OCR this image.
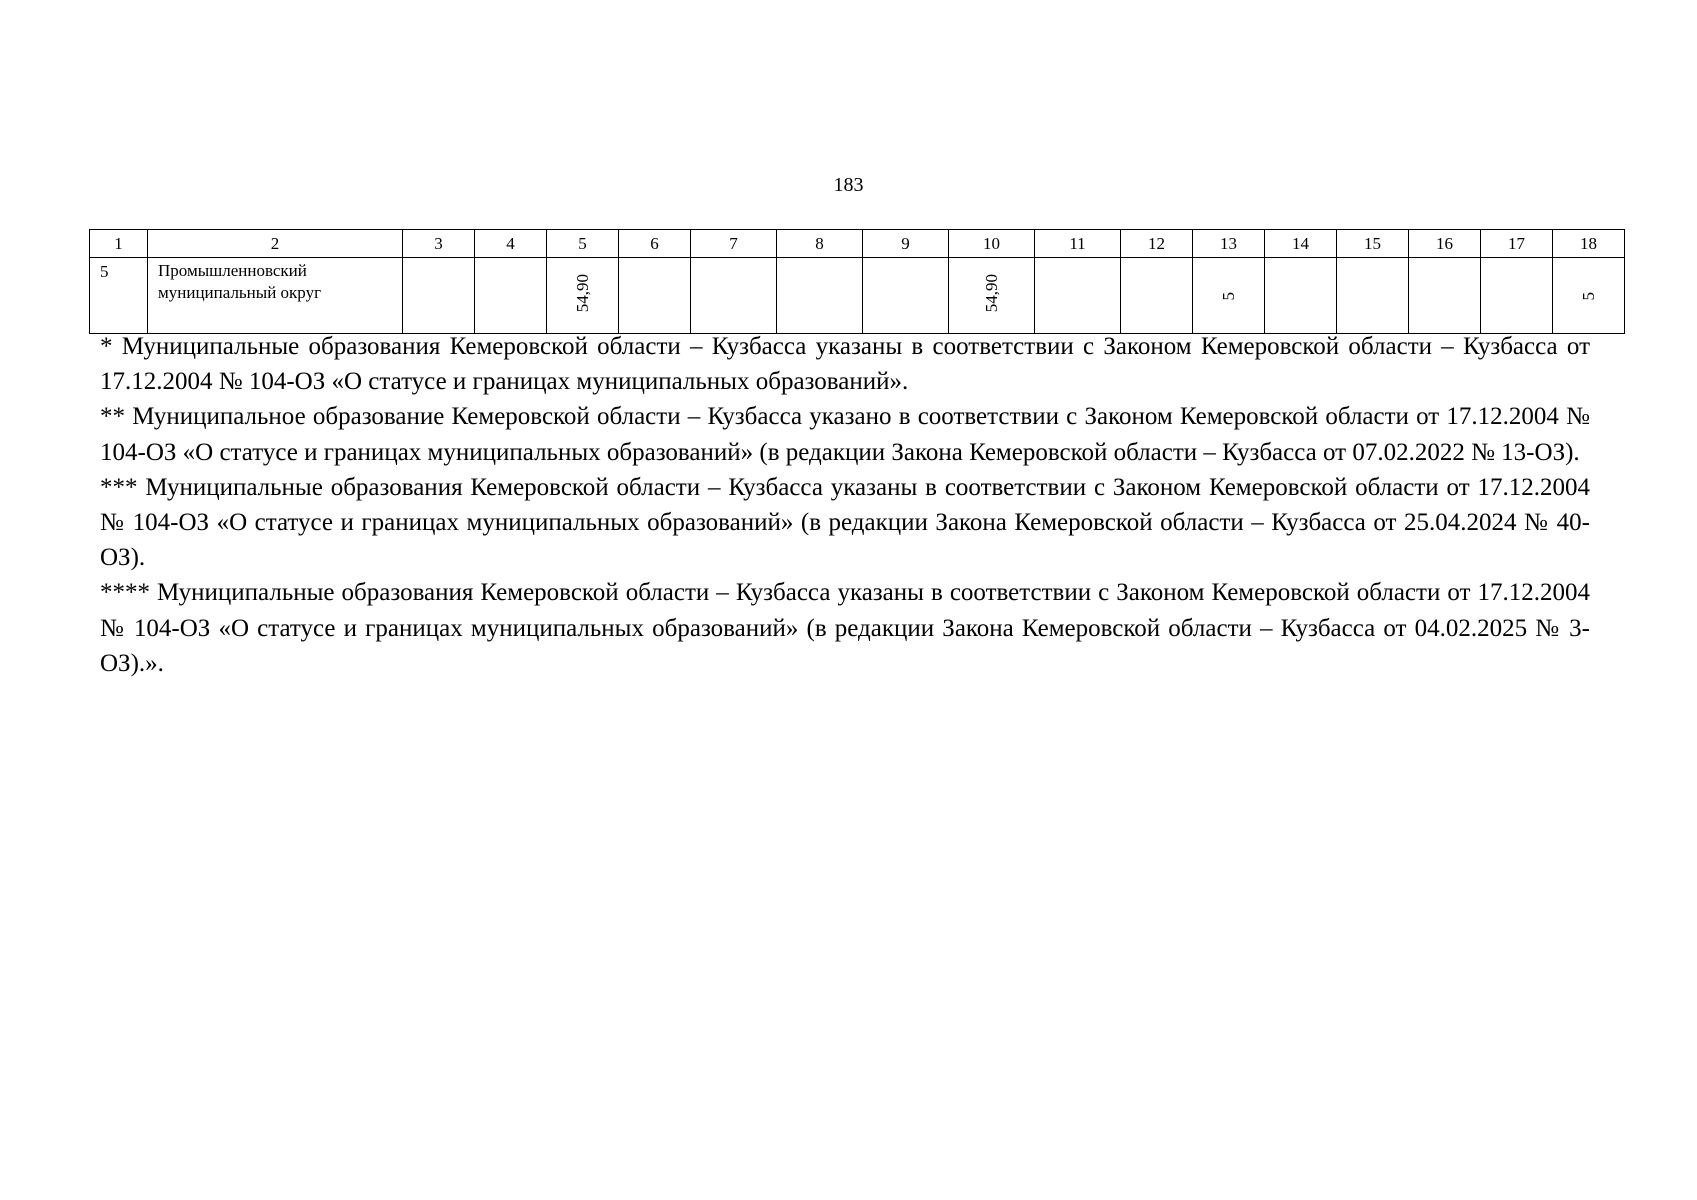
183
1	2	3	4	5	6	7	8	9	10	11	12	13	14	15	16	17	18
5	Промышленновский
муниципальный округ			54,90					54,90			5					5

* Муниципальные образования Кемеровской области – Кузбасса указаны в соответствии с Законом Кемеровской области – Кузбасса от 17.12.2004 № 104-ОЗ «О статусе и границах муниципальных образований».

** Муниципальное образование Кемеровской области – Кузбасса указано в соответствии с Законом Кемеровской области от 17.12.2004 № 104-ОЗ «О статусе и границах муниципальных образований» (в редакции Закона Кемеровской области – Кузбасса от 07.02.2022 № 13-ОЗ).

*** Муниципальные образования Кемеровской области – Кузбасса указаны в соответствии с Законом Кемеровской области от 17.12.2004 № 104-ОЗ «О статусе и границах муниципальных образований» (в редакции Закона Кемеровской области – Кузбасса от 25.04.2024 № 40-ОЗ).

**** Муниципальные образования Кемеровской области – Кузбасса указаны в соответствии с Законом Кемеровской области от 17.12.2004 № 104-ОЗ «О статусе и границах муниципальных образований» (в редакции Закона Кемеровской области – Кузбасса от 04.02.2025 № 3-ОЗ).».
